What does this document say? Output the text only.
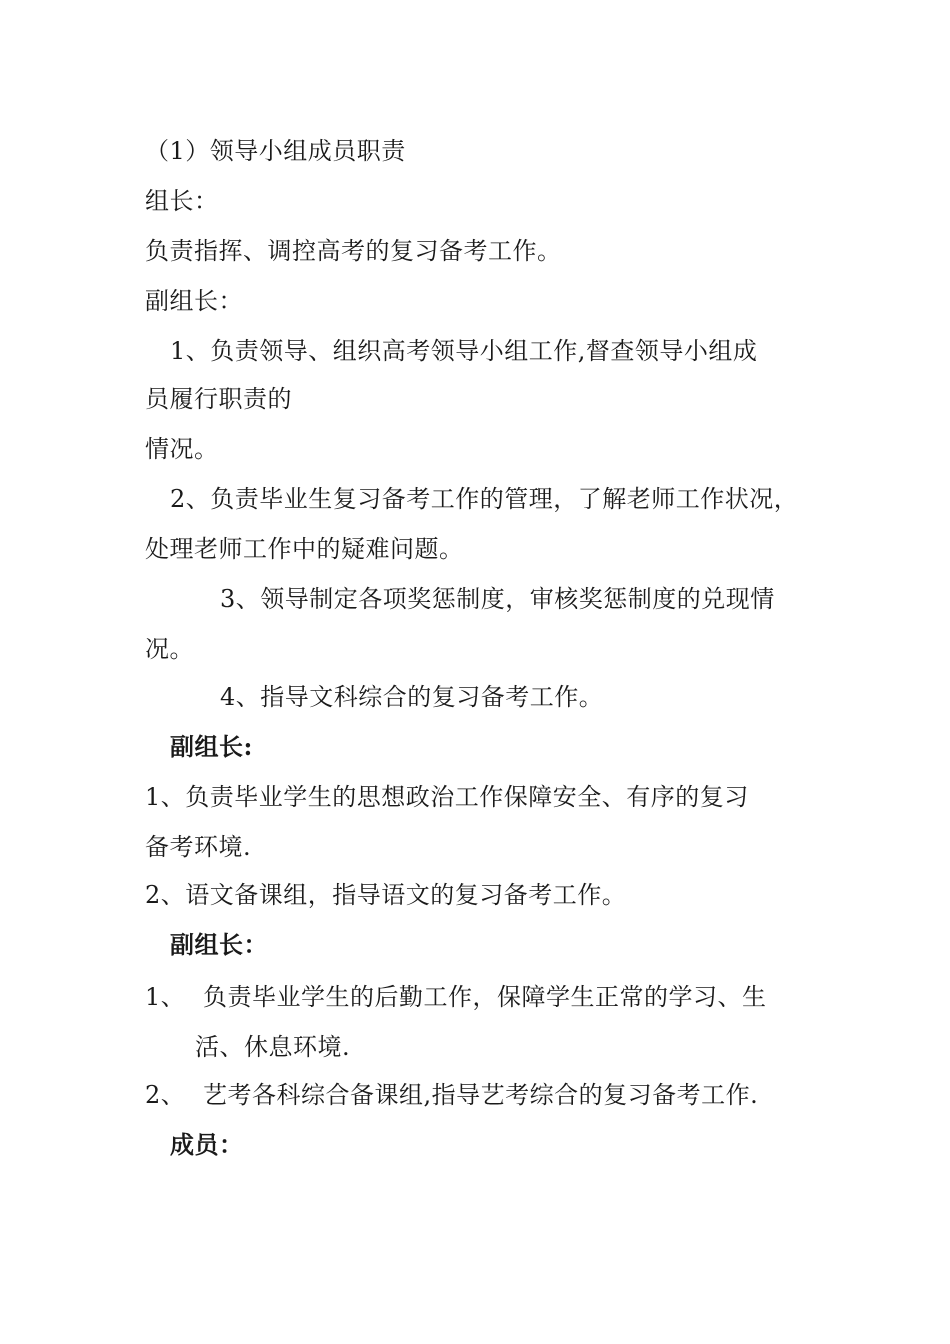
（1）领导小组成员职责
组长：
负责指挥、调控高考的复习备考工作。
副组长：
1、负责领导、组织高考领导小组工作,督查领导小组成
员履行职责的
情况。
2、负责毕业生复习备考工作的管理，了解老师工作状况，
处理老师工作中的疑难问题。
3、领导制定各项奖惩制度，审核奖惩制度的兑现情
况。
4、指导文科综合的复习备考工作。
副组长:
1、负责毕业学生的思想政治工作保障安全、有序的复习
备考环境.
2、语文备课组，指导语文的复习备考工作。
副组长：
1、 负责毕业学生的后勤工作，保障学生正常的学习、生
活、休息环境.
2、 艺考各科综合备课组,指导艺考综合的复习备考工作.
成员：
